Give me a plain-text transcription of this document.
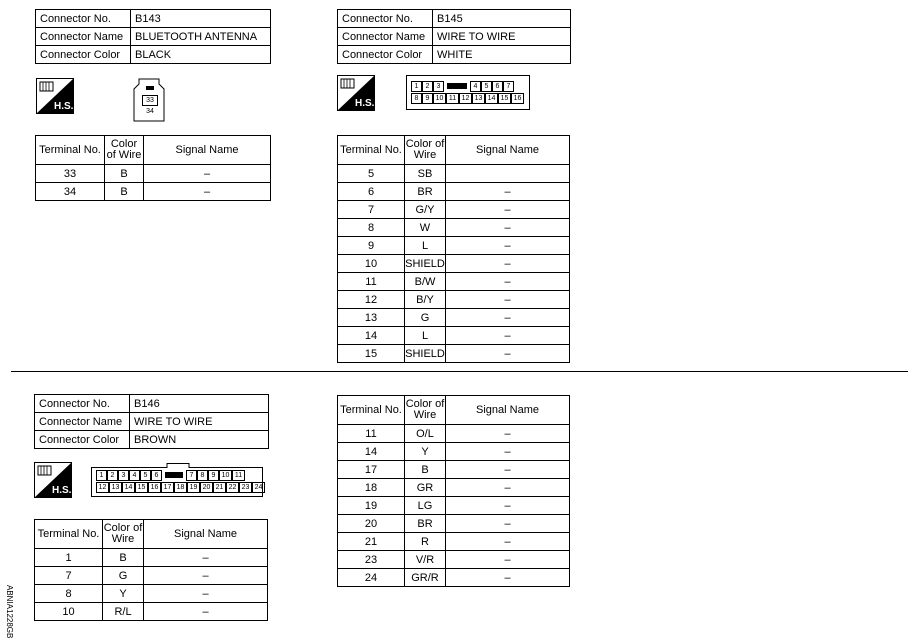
Connector No.	B143
Connector Name	BLUETOOTH ANTENNA
Connector Color	BLACK
H.S.
33
34
Terminal No.	Color of Wire	Signal Name
33	B	–
34	B	–
Connector No.	B145
Connector Name	WIRE TO WIRE
Connector Color	WHITE
H.S.
1	2	3	4	5	6	7
8	9 10 11 12 13 14 15 16
Terminal No.	Color of Wire	Signal Name
5	SB	
6	BR	–
7	G/Y	–
8	W	–
9	L	–
10	SHIELD	–
11	B/W	–
12	B/Y	–
13	G	–
14	L	–
15	SHIELD	–
Connector No.	B146
Connector Name	WIRE TO WIRE
Connector Color	BROWN
H.S.
1	2	3	4	5	6	7	8	9 10 11
12 13 14 15 16 17 18 19 20 21 22 23 24
Terminal No.	Color of Wire	Signal Name
1	B	–
7	G	–
8	Y	–
10	R/L	–
Terminal No.	Color of Wire	Signal Name
11	O/L	–
14	Y	–
17	B	–
18	GR	–
19	LG	–
20	BR	–
21	R	–
23	V/R	–
24	GR/R	–
ABNIA1228GB
